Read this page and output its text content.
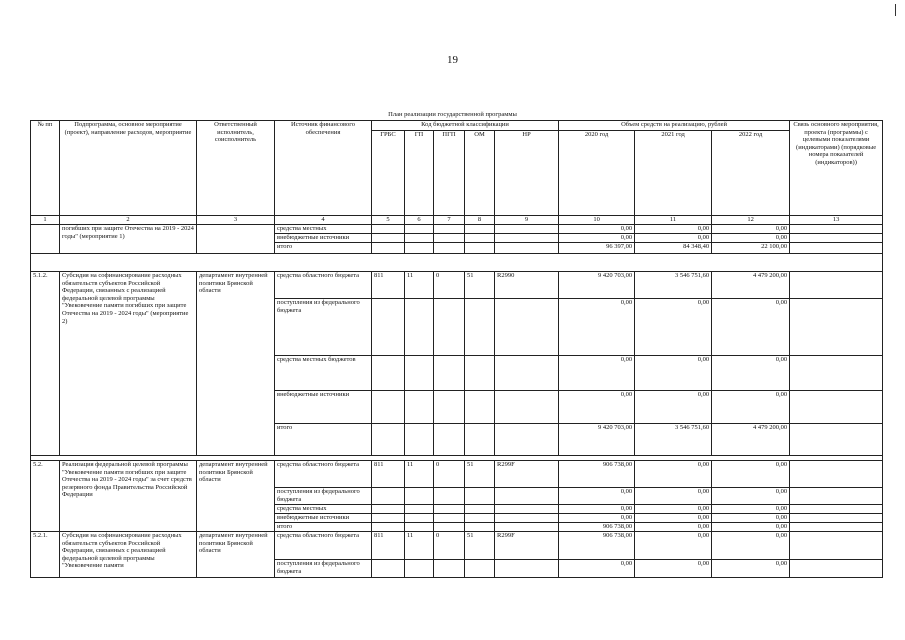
19
План реализации государственной программы
№ пп	Подпрограмма, основное мероприятие (проект), направление расходов, мероприятие	Ответственный исполнитель, соисполнитель	Источник финансового обеспечения	Код бюджетной классификации					Объем средств на реализацию, рублей			Связь основного мероприятия, проекта (программы) с целевыми показателями (индикаторами) (порядковые номера показателей (индикаторов))
				ГРБС	ГП	ПГП	ОМ	НР	2020 год	2021 год	2022 год	
1	2	3	4	5	6	7	8	9	10	11	12	13
	погибших при защите Отечества на 2019 - 2024 годы" (мероприятие 1)		средства местных						0,00	0,00	0,00	
			внебюджетные источники						0,00	0,00	0,00	
			итого						96 397,00	84 348,40	22 100,00	

5.1.2.	Субсидия на софинансирование расходных обязательств субъектов Российской Федерации, связанных с реализацией федеральной целевой программы "Увековечение памяти погибших при защите Отечества на 2019 - 2024 годы" (мероприятие 2)	департамент внутренней политики Брянской области	средства областного бюджета	811	11	0	51	R2990	9 420 703,00	3 546 751,60	4 479 200,00	
			поступления из федерального бюджета						0,00	0,00	0,00	
			средства местных бюджетов						0,00	0,00	0,00	
			внебюджетные источники						0,00	0,00	0,00	
			итого						9 420 703,00	3 546 751,60	4 479 200,00	

5.2.	Реализация федеральной целевой программы "Увековечение памяти погибших при защите Отечества на 2019 - 2024 годы" за счет средств резервного фонда Правительства Российской Федерации	департамент внутренней политики Брянской области	средства областного бюджета	811	11	0	51	R299F	906 738,00	0,00	0,00	
			поступления из федерального бюджета						0,00	0,00	0,00	
			средства местных						0,00	0,00	0,00	
			внебюджетные источники						0,00	0,00	0,00	
			итого						906 738,00	0,00	0,00	
5.2.1.	Субсидия на софинансирование расходных обязательств субъектов Российской Федерации, связанных с реализацией федеральной целевой программы "Увековечение памяти	департамент внутренней политики Брянской области	средства областного бюджета	811	11	0	51	R299F	906 738,00	0,00	0,00	
			поступления из федерального бюджета						0,00	0,00	0,00	
